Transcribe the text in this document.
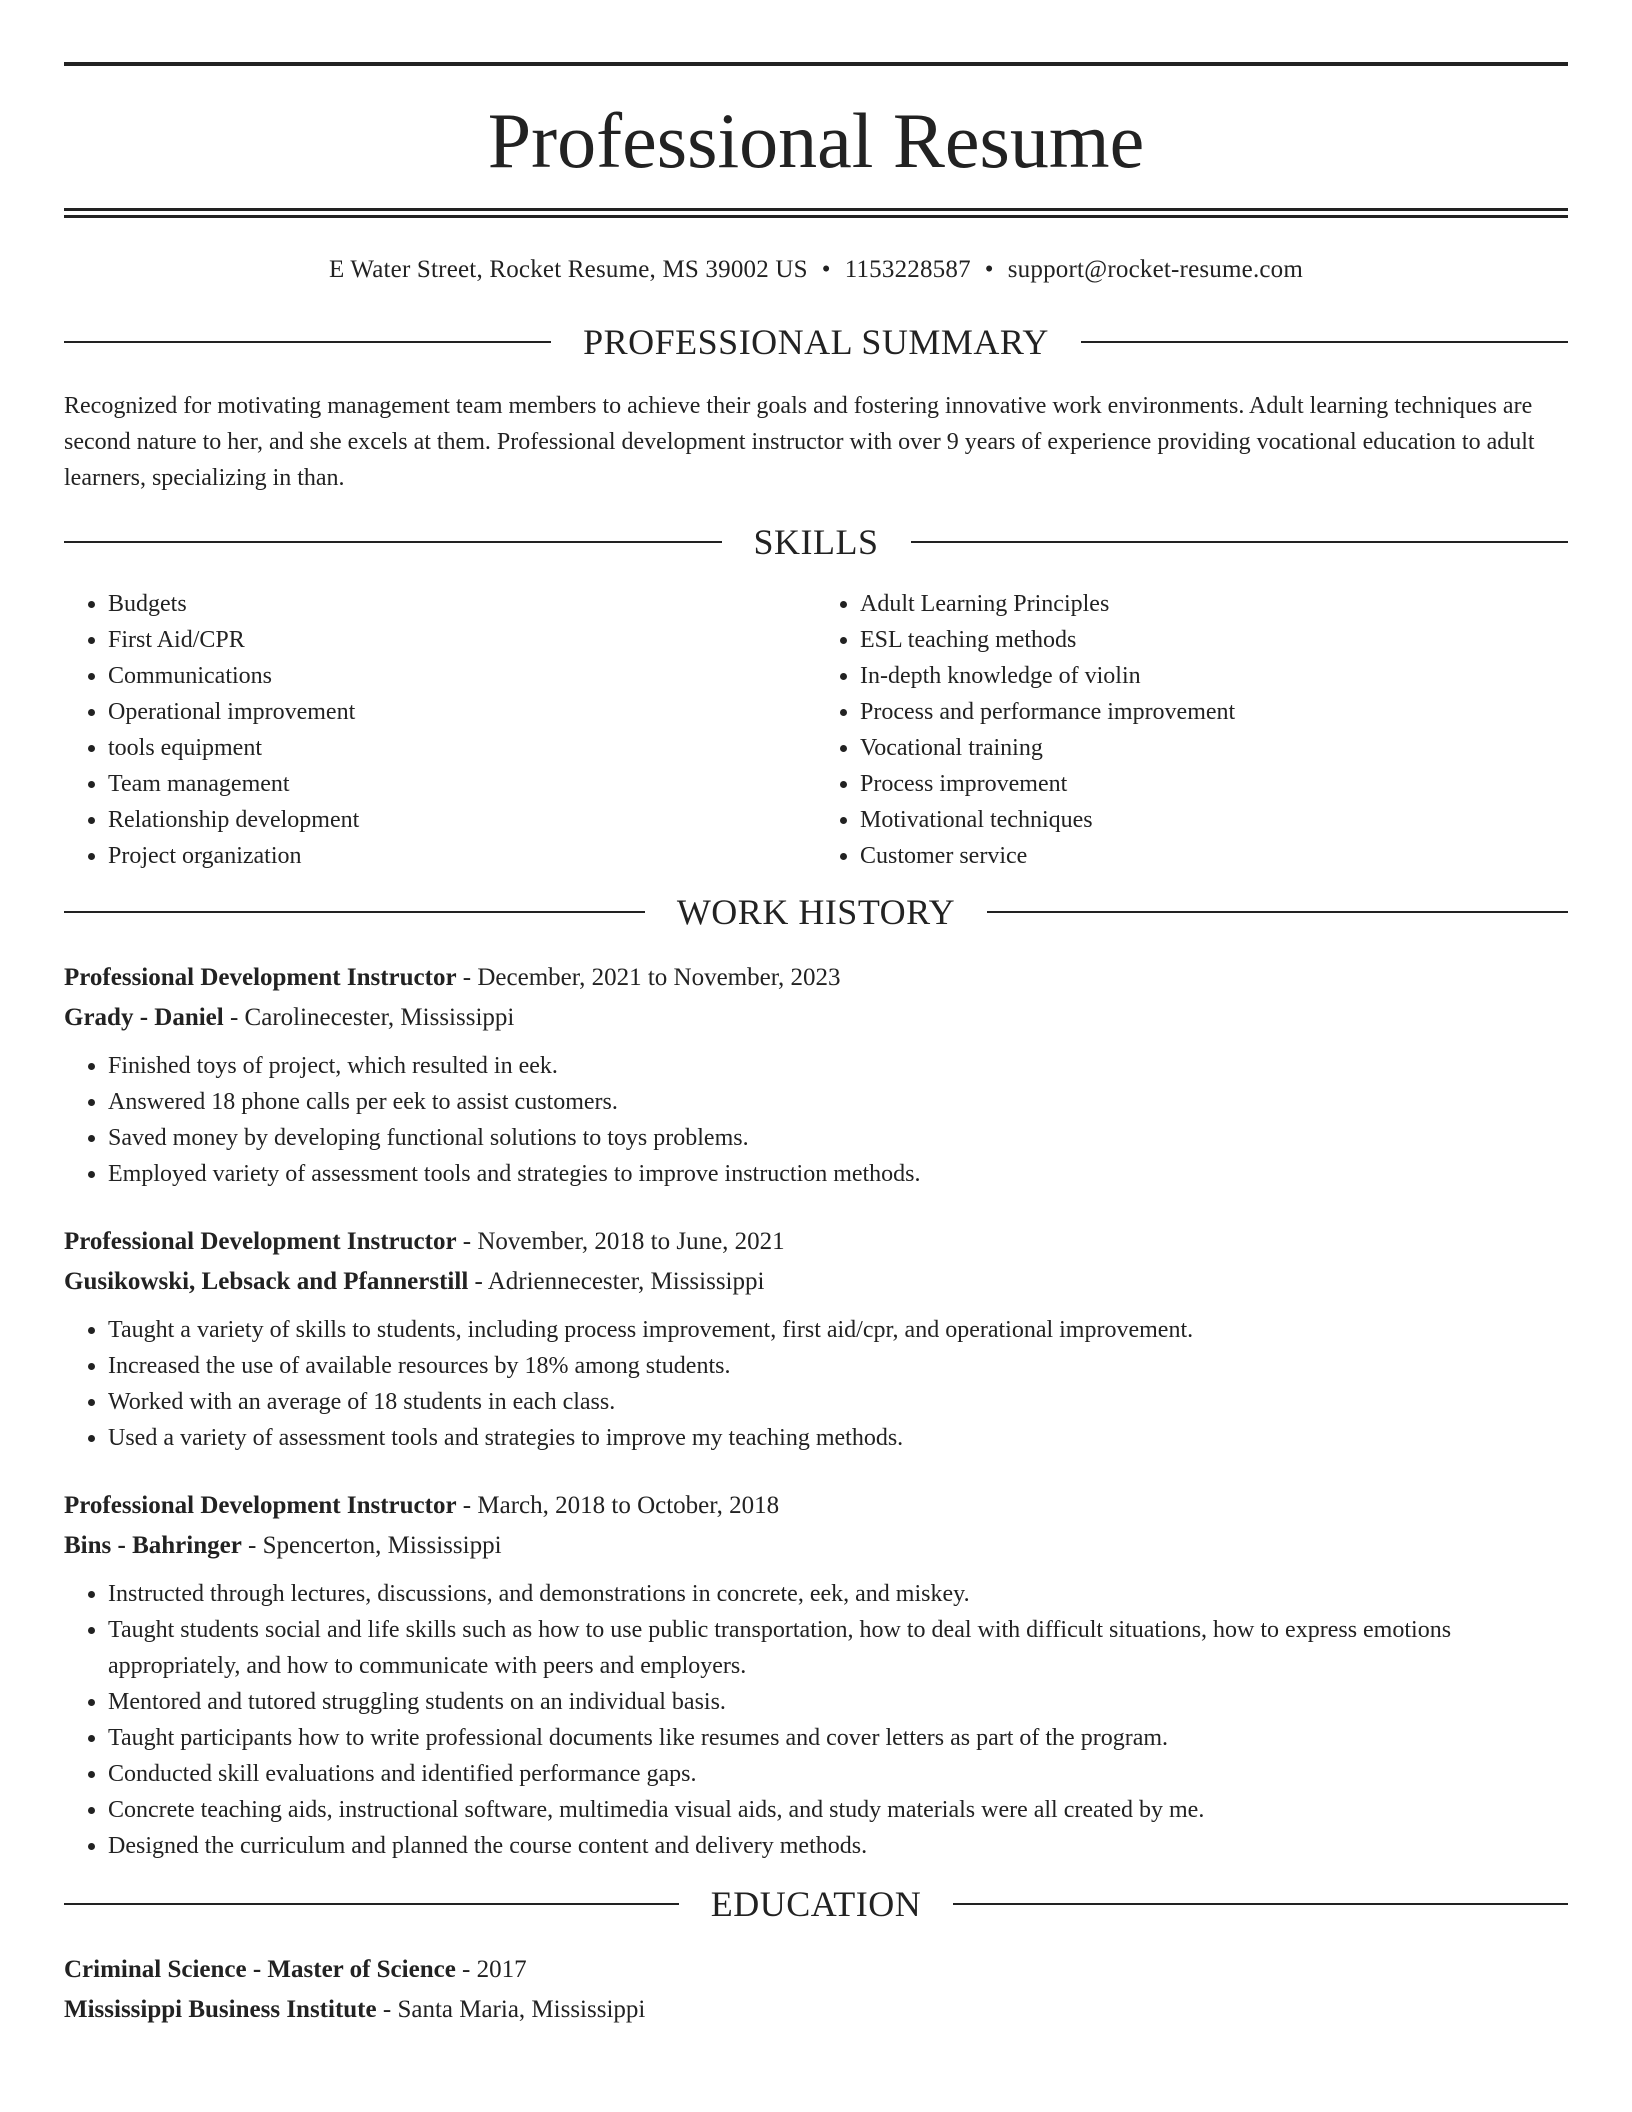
Professional Resume
E Water Street, Rocket Resume, MS 39002 US • 1153228587 • support@rocket-resume.com
PROFESSIONAL SUMMARY

Recognized for motivating management team members to achieve their goals and fostering innovative work environments. Adult learning techniques are second nature to her, and she excels at them. Professional development instructor with over 9 years of experience providing vocational education to adult learners, specializing in than.

SKILLS
• Budgets
• First Aid/CPR
• Communications
• Operational improvement
• tools equipment
• Team management
• Relationship development
• Project organization
• Adult Learning Principles
• ESL teaching methods
• In-depth knowledge of violin
• Process and performance improvement
• Vocational training
• Process improvement
• Motivational techniques
• Customer service
WORK HISTORY
Professional Development Instructor - December, 2021 to November, 2023
Grady - Daniel - Carolinecester, Mississippi
• Finished toys of project, which resulted in eek.
• Answered 18 phone calls per eek to assist customers.
• Saved money by developing functional solutions to toys problems.
• Employed variety of assessment tools and strategies to improve instruction methods.
Professional Development Instructor - November, 2018 to June, 2021
Gusikowski, Lebsack and Pfannerstill - Adriennecester, Mississippi
• Taught a variety of skills to students, including process improvement, first aid/cpr, and operational improvement.
• Increased the use of available resources by 18% among students.
• Worked with an average of 18 students in each class.
• Used a variety of assessment tools and strategies to improve my teaching methods.
Professional Development Instructor - March, 2018 to October, 2018
Bins - Bahringer - Spencerton, Mississippi
• Instructed through lectures, discussions, and demonstrations in concrete, eek, and miskey.
• Taught students social and life skills such as how to use public transportation, how to deal with difficult situations, how to express emotions appropriately, and how to communicate with peers and employers.
• Mentored and tutored struggling students on an individual basis.
• Taught participants how to write professional documents like resumes and cover letters as part of the program.
• Conducted skill evaluations and identified performance gaps.
• Concrete teaching aids, instructional software, multimedia visual aids, and study materials were all created by me.
• Designed the curriculum and planned the course content and delivery methods.
EDUCATION
Criminal Science - Master of Science - 2017
Mississippi Business Institute - Santa Maria, Mississippi
